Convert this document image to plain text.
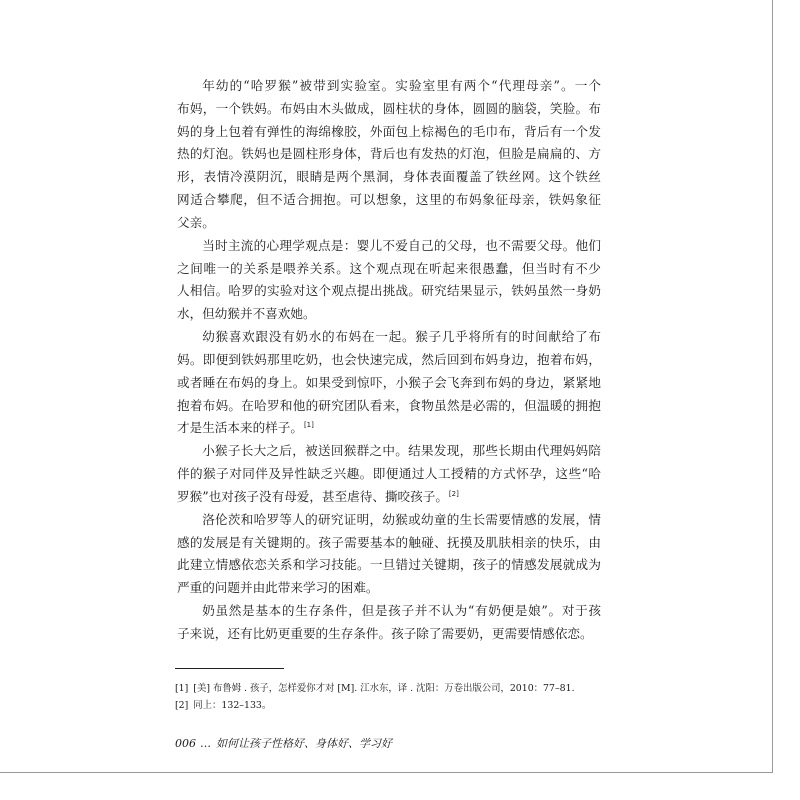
年幼的“哈罗猴”被带到实验室。实验室里有两个“代理母亲”。一个
布妈，一个铁妈。布妈由木头做成，圆柱状的身体，圆圆的脑袋，笑脸。布
妈的身上包着有弹性的海绵橡胶，外面包上棕褐色的毛巾布，背后有一个发
热的灯泡。铁妈也是圆柱形身体，背后也有发热的灯泡，但脸是扁扁的、方
形，表情冷漠阴沉，眼睛是两个黑洞，身体表面覆盖了铁丝网。这个铁丝
网适合攀爬，但不适合拥抱。可以想象，这里的布妈象征母亲，铁妈象征
父亲。
当时主流的心理学观点是：婴儿不爱自己的父母，也不需要父母。他们
之间唯一的关系是喂养关系。这个观点现在听起来很愚蠢，但当时有不少
人相信。哈罗的实验对这个观点提出挑战。研究结果显示，铁妈虽然一身奶
水，但幼猴并不喜欢她。
幼猴喜欢跟没有奶水的布妈在一起。猴子几乎将所有的时间献给了布
妈。即便到铁妈那里吃奶，也会快速完成，然后回到布妈身边，抱着布妈，
或者睡在布妈的身上。如果受到惊吓，小猴子会飞奔到布妈的身边，紧紧地
抱着布妈。在哈罗和他的研究团队看来，食物虽然是必需的，但温暖的拥抱
才是生活本来的样子。[1]
小猴子长大之后，被送回猴群之中。结果发现，那些长期由代理妈妈陪
伴的猴子对同伴及异性缺乏兴趣。即便通过人工授精的方式怀孕，这些“哈
罗猴”也对孩子没有母爱，甚至虐待、撕咬孩子。[2]
洛伦茨和哈罗等人的研究证明，幼猴或幼童的生长需要情感的发展，情
感的发展是有关键期的。孩子需要基本的触碰、抚摸及肌肤相亲的快乐，由
此建立情感依恋关系和学习技能。一旦错过关键期，孩子的情感发展就成为
严重的问题并由此带来学习的困难。
奶虽然是基本的生存条件，但是孩子并不认为“有奶便是娘”。对于孩
子来说，还有比奶更重要的生存条件。孩子除了需要奶，更需要情感依恋。
[1] [美] 布鲁姆 . 孩子，怎样爱你才对 [M]. 江水东，译 . 沈阳：万卷出版公司，2010：77–81.
[2] 同上：132–133。
006 … 如何让孩子性格好、身体好、学习好
